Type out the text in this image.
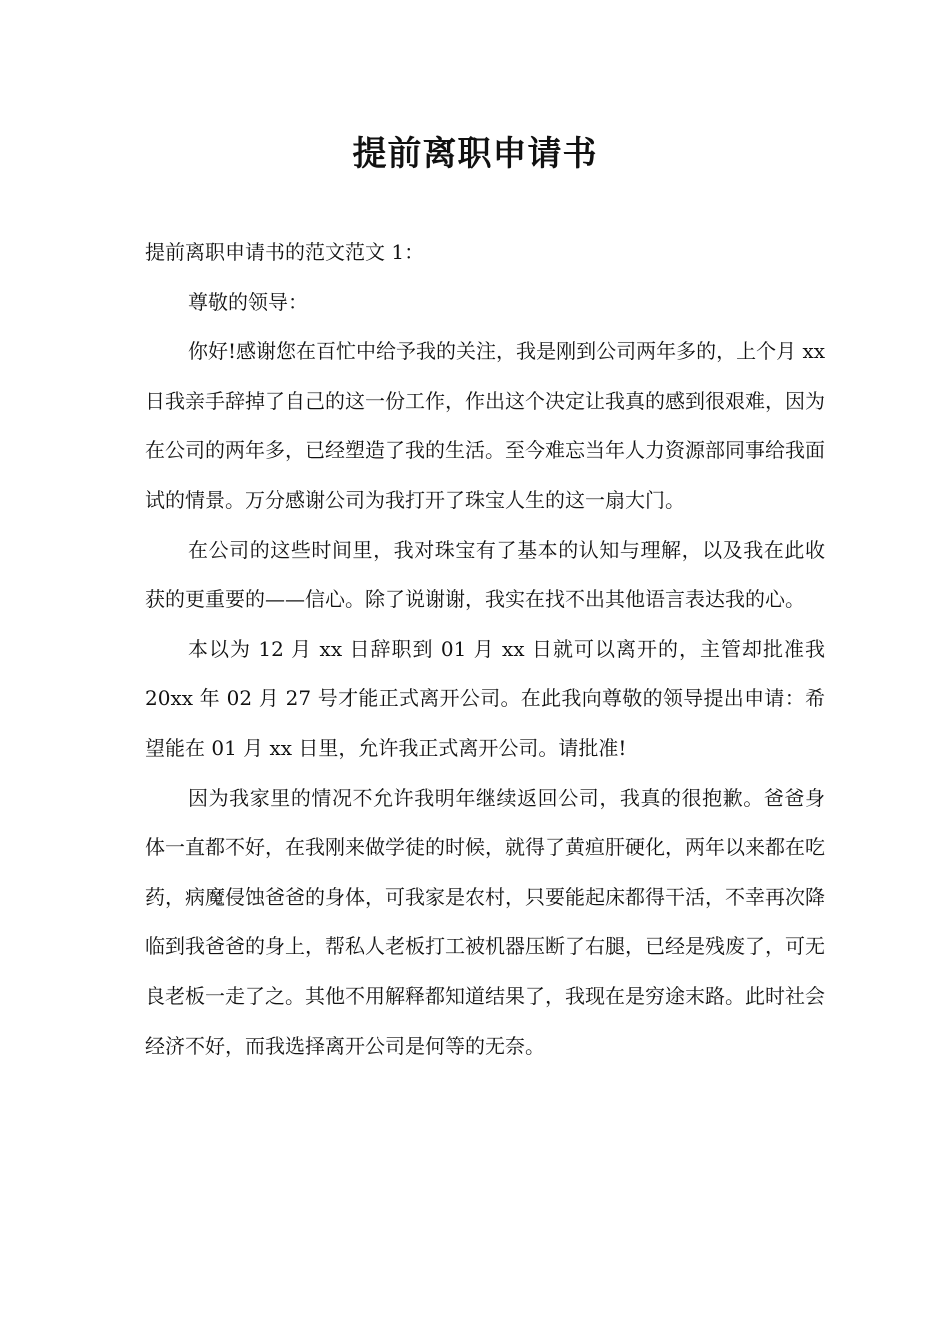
提前离职申请书

提前离职申请书的范文范文 1：

尊敬的领导：

你好!感谢您在百忙中给予我的关注，我是刚到公司两年多的，上个月 xx 日我亲手辞掉了自己的这一份工作，作出这个决定让我真的感到很艰难，因为在公司的两年多，已经塑造了我的生活。至今难忘当年人力资源部同事给我面试的情景。万分感谢公司为我打开了珠宝人生的这一扇大门。

在公司的这些时间里，我对珠宝有了基本的认知与理解，以及我在此收获的更重要的——信心。除了说谢谢，我实在找不出其他语言表达我的心。

本以为 12 月 xx 日辞职到 01 月 xx 日就可以离开的，主管却批准我 20xx 年 02 月 27 号才能正式离开公司。在此我向尊敬的领导提出申请：希望能在 01 月 xx 日里，允许我正式离开公司。请批准!

因为我家里的情况不允许我明年继续返回公司，我真的很抱歉。爸爸身体一直都不好，在我刚来做学徒的时候，就得了黄疸肝硬化，两年以来都在吃药，病魔侵蚀爸爸的身体，可我家是农村，只要能起床都得干活，不幸再次降临到我爸爸的身上，帮私人老板打工被机器压断了右腿，已经是残废了，可无良老板一走了之。其他不用解释都知道结果了，我现在是穷途末路。此时社会经济不好，而我选择离开公司是何等的无奈。
